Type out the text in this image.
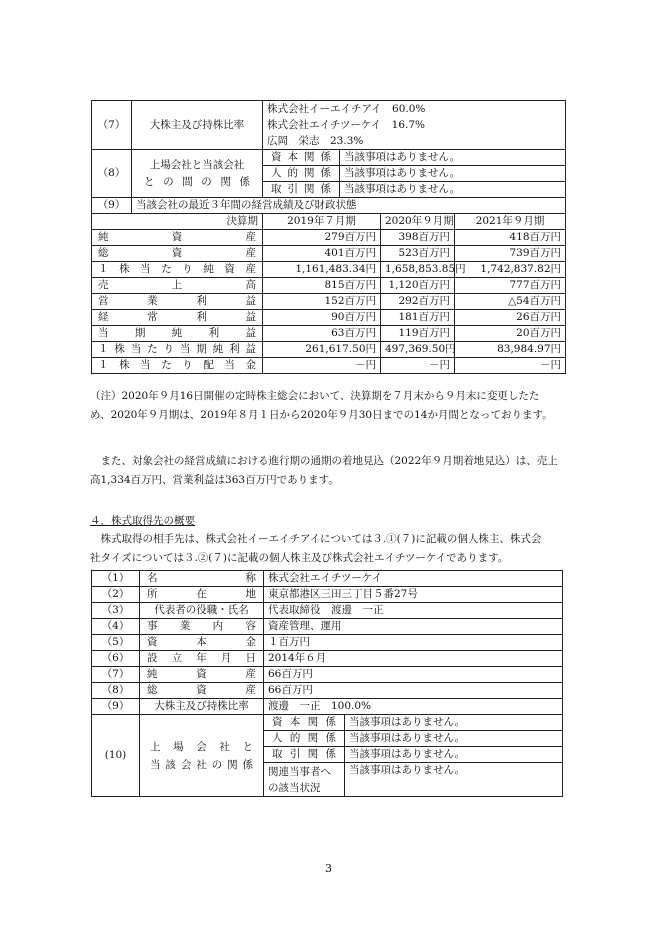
（7）	大株主及び持株比率	株式会社イーエイチアイ　60.0%
株式会社エイチツーケイ　16.7%
広岡　栄志　23.3%			

（8）	上場会社と当該会社
との間の関係	資本関係	当該事項はありません。		
		人的関係	当該事項はありません。		
		取引関係	当該事項はありません。		
（9）	当該会社の最近３年間の経営成績及び財政状態				
決算期		2019年７月期		2020年９月期	2021年９月期
純資産		279百万円		398百万円	418百万円
総資産		401百万円		523百万円	739百万円
１株当たり純資産		1,161,483.34円		1,658,853.85円	1,742,837.82円
売上高		815百万円		1,120百万円	777百万円
営業利益		152百万円		292百万円	△54百万円
経常利益		90百万円		181百万円	26百万円
当期純利益		63百万円		119百万円	20百万円
１株当たり当期純利益		261,617.50円		497,369.50円	83,984.97円
１株当たり配当金		－円		－円	－円
（注）2020年９月16日開催の定時株主総会において、決算期を７月末から９月末に変更したた
め、2020年９月期は、2019年８月１日から2020年９月30日までの14か月間となっております。
　また、対象会社の経営成績における進行期の通期の着地見込（2022年９月期着地見込）は、売上
高1,334百万円、営業利益は363百万円であります。
４．株式取得先の概要
　株式取得の相手先は、株式会社イーエイチアイについては３.①(７)に記載の個人株主、株式会
社タイズについては３.②(７)に記載の個人株主及び株式会社エイチツーケイであります。
（1）	名称	株式会社エイチツーケイ	
（2）	所在地	東京都港区三田三丁目５番27号	
（3）	代表者の役職・氏名	代表取締役　渡邊　一正	
（4）	事業内容	資産管理、運用	
（5）	資本金	１百万円	
（6）	設立年月日	2014年６月	
（7）	純資産	66百万円	
（8）	総資産	66百万円	
（9）	大株主及び持株比率	渡邊　一正　100.0%	
(10)	上場会社と
当該会社の関係	資本関係	当該事項はありません。
		人的関係	当該事項はありません。
		取引関係	当該事項はありません。
		関連当事者への該当状況	当該事項はありません。
3
